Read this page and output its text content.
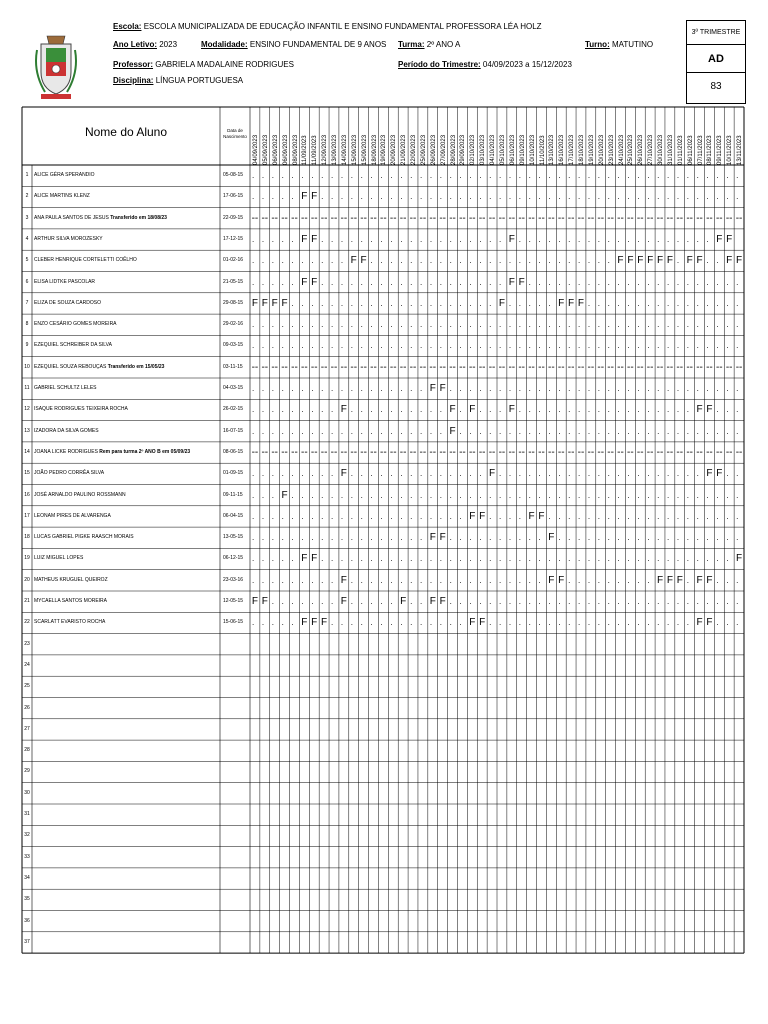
Escola: ESCOLA MUNICIPALIZADA DE EDUCAÇÃO INFANTIL E ENSINO FUNDAMENTAL PROFESSORA LÉA HOLZ
Ano Letivo: 2023	Modalidade: ENSINO FUNDAMENTAL DE 9 ANOS Turma: 2º ANO A	Turno: MATUTINO
Professor: GABRIELA MADALAINE RODRIGUES	Período do Trimestre: 04/09/2023 a 15/12/2023
Disciplina: LÍNGUA PORTUGUESA
3º TRIMESTRE
AD
83
Nome do Aluno	Data de Nascimento	04/09/2023 05/09/2023 06/09/2023 06/09/2023 08/09/2023 11/09/2023 11/09/2023 12/09/2023 13/09/2023 14/09/2023 15/09/2023 15/09/2023 18/09/2023 19/09/2023 20/09/2023 21/09/2023 22/09/2023 25/09/2023 26/09/2023 27/09/2023 28/09/2023 29/09/2023 02/10/2023 03/10/2023 04/10/2023 05/10/2023 06/10/2023 09/10/2023 10/10/2023 11/10/2023 13/10/2023 16/10/2023 17/10/2023 18/10/2023 19/10/2023 20/10/2023 23/10/2023 24/10/2023 25/10/2023 26/10/2023 27/10/2023 30/10/2023 31/10/2023 01/11/2023 06/11/2023 07/11/2023 08/11/2023 09/11/2023 10/11/2023 13/11/2023
1	ALICE GÉRA SPERANDIO	05-08-15 . . . . . . . . . . . . . . . . . . . . . . . . . . . . . . . . . . . . . . . . . . . . . . . . . .
2	ALICE MARTINS KLENZ	17-06-15 . . . . . F F . . . . . . . . . . . . . . . . . . . . . . . . . . . . . . . . . . . . . . . . . . .
3	ANA PAULA SANTOS DE JESUS Transferido em 18/08/23	22-09-15 -- -- -- -- -- -- -- -- -- -- -- -- -- -- -- -- -- -- -- -- -- -- -- -- -- -- -- -- -- -- -- -- -- -- -- -- -- -- -- -- -- -- -- -- -- -- -- -- -- --
4	ARTHUR SILVA MOROZESKY	17-12-15 . . . . . F F . . . . . . . . . . . . . . . . . . . F . . . . . . . . . . . . . . . . . . . . F F
5	CLEBER HENRIQUE CORTELETTI COÊLHO	01-02-16 . . . . . . . . . . F F . . . . . . . . . . . . . . . . . . . . . . . . . F F F F F F . F F . . F F
6	ELISA LIDTKE PASCOLAR	21-05-15 . . . . . F F . . . . . . . . . . . . . . . . . . . F F . . . . . . . . . . . . . . . . . . . . . .
7	ELIZA DE SOUZA CARDOSO	29-08-15 F F F F . . . . . . . . . . . . . . . . . . . . . F . . . . . F F F . . . . . . . . . . . . . . . .
8	ENZO CESÁRIO GOMES MOREIRA	29-02-16 . . . . . . . . . . . . . . . . . . . . . . . . . . . . . . . . . . . . . . . . . . . . . . . . . .
9	EZEQUIEL SCHREIBER DA SILVA	09-03-15 . . . . . . . . . . . . . . . . . . . . . . . . . . . . . . . . . . . . . . . . . . . . . . . . . .
10 EZEQUIEL SOUZA REBOUÇAS Transferido em 15/05/23	03-11-15 -- -- -- -- -- -- -- -- -- -- -- -- -- -- -- -- -- -- -- -- -- -- -- -- -- -- -- -- -- -- -- -- -- -- -- -- -- -- -- -- -- -- -- -- -- -- -- -- -- --
11 GABRIEL SCHULTZ LELES	04-03-15 . . . . . . . . . . . . . . . . . . F F . . . . . . . . . . . . . . . . . . . . . . . . . . . . . .
12 ISAQUE RODRIGUES TEIXEIRA ROCHA	26-02-15 . . . . . . . . . F . . . . . . . . . . F . F . . . F . . . . . . . . . . . . . . . . . . F F . . .
13 IZADORA DA SILVA GOMES	16-07-15 . . . . . . . . . . . . . . . . . . . . F . . . . . . . . . . . . . . . . . . . . . . . . . . . . .
14 JOANA LICKE RODRIGUES Rem para turma 2º ANO B em 05/09/23	08-06-15 -- -- -- -- -- -- -- -- -- -- -- -- -- -- -- -- -- -- -- -- -- -- -- -- -- -- -- -- -- -- -- -- -- -- -- -- -- -- -- -- -- -- -- -- -- -- -- -- -- --
15 JOÃO PEDRO CORRÊA SILVA	01-09-15 . . . . . . . . . F . . . . . . . . . . . . . . F . . . . . . . . . . . . . . . . . . . . . F F . .
16 JOSÉ ARNALDO PAULINO ROSSMANN	09-11-15 . . . F . . . . . . . . . . . . . . . . . . . . . . . . . . . . . . . . . . . . . . . . . . . . . .
17 LEONAM PIRES DE ALVARENGA	06-04-15 . . . . . . . . . . . . . . . . . . . . . . F F . . . . F F . . . . . . . . . . . . . . . . . . . .
18 LUCAS GABRIEL PIGKE RAASCH MORAIS	13-05-15 . . . . . . . . . . . . . . . . . . F F . . . . . . . . . . F . . . . . . . . . . . . . . . . . . .
19 LUIZ MIGUEL LOPES	06-12-15 . . . . . F F . . . . . . . . . . . . . . . . . . . . . . . . . . . . . . . . . . . . . . . . . . F
20 MATHEUS KRUGUEL QUEIROZ	23-03-16 . . . . . . . . . F . . . . . . . . . . . . . . . . . . . . F F . . . . . . . . . F F F . F F . . .
21 MYCAELLA SANTOS MOREIRA	12-05-15 F F . . . . . . . F . . . . . F . . F F . . . . . . . . . . . . . . . . . . . . . . . . . . . . . .
22 SCARLATT EVARISTO ROCHA	15-06-15 . . . . . F F F . . . . . . . . . . . . . . F F . . . . . . . . . . . . . . . . . . . . . F F . . .
23
24
25
26
27
28
29
30
31
32
33
34
35
36
37
